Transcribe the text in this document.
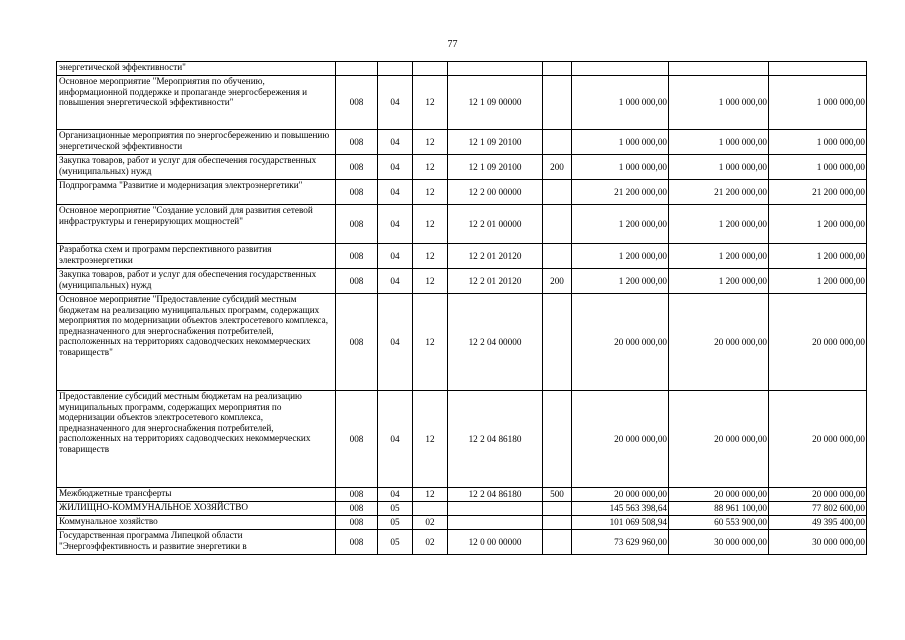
77
энергетической эффективности"								
Основное мероприятие "Мероприятия по обучению, информационной поддержке и пропаганде энергосбережения и повышения энергетической эффективности"	008	04	12	12 1 09 00000		1 000 000,00	1 000 000,00	1 000 000,00
Организационные мероприятия по энергосбережению и повышению энергетической эффективности	008	04	12	12 1 09 20100		1 000 000,00	1 000 000,00	1 000 000,00
Закупка товаров, работ и услуг для обеспечения государственных (муниципальных) нужд	008	04	12	12 1 09 20100	200	1 000 000,00	1 000 000,00	1 000 000,00
Подпрограмма "Развитие и модернизация электроэнергетики"	008	04	12	12 2 00 00000		21 200 000,00	21 200 000,00	21 200 000,00
Основное мероприятие "Создание условий для развития сетевой инфраструктуры и генерирующих мощностей"	008	04	12	12 2 01 00000		1 200 000,00	1 200 000,00	1 200 000,00
Разработка схем и программ перспективного развития электроэнергетики	008	04	12	12 2 01 20120		1 200 000,00	1 200 000,00	1 200 000,00
Закупка товаров, работ и услуг для обеспечения государственных (муниципальных) нужд	008	04	12	12 2 01 20120	200	1 200 000,00	1 200 000,00	1 200 000,00
Основное мероприятие "Предоставление субсидий местным бюджетам на реализацию муниципальных программ, содержащих мероприятия по модернизации объектов электросетевого комплекса, предназначенного для энергоснабжения потребителей, расположенных на территориях садоводческих некоммерческих товариществ"	008	04	12	12 2 04 00000		20 000 000,00	20 000 000,00	20 000 000,00
Предоставление субсидий местным бюджетам на реализацию муниципальных программ, содержащих мероприятия по модернизации объектов электросетевого комплекса, предназначенного для энергоснабжения потребителей, расположенных на территориях садоводческих некоммерческих товариществ	008	04	12	12 2 04 86180		20 000 000,00	20 000 000,00	20 000 000,00
Межбюджетные трансферты	008	04	12	12 2 04 86180	500	20 000 000,00	20 000 000,00	20 000 000,00
ЖИЛИЩНО-КОММУНАЛЬНОЕ ХОЗЯЙСТВО	008	05				145 563 398,64	88 961 100,00	77 802 600,00
Коммунальное хозяйство	008	05	02			101 069 508,94	60 553 900,00	49 395 400,00
Государственная программа Липецкой области "Энергоэффективность и развитие энергетики в	008	05	02	12 0 00 00000		73 629 960,00	30 000 000,00	30 000 000,00
